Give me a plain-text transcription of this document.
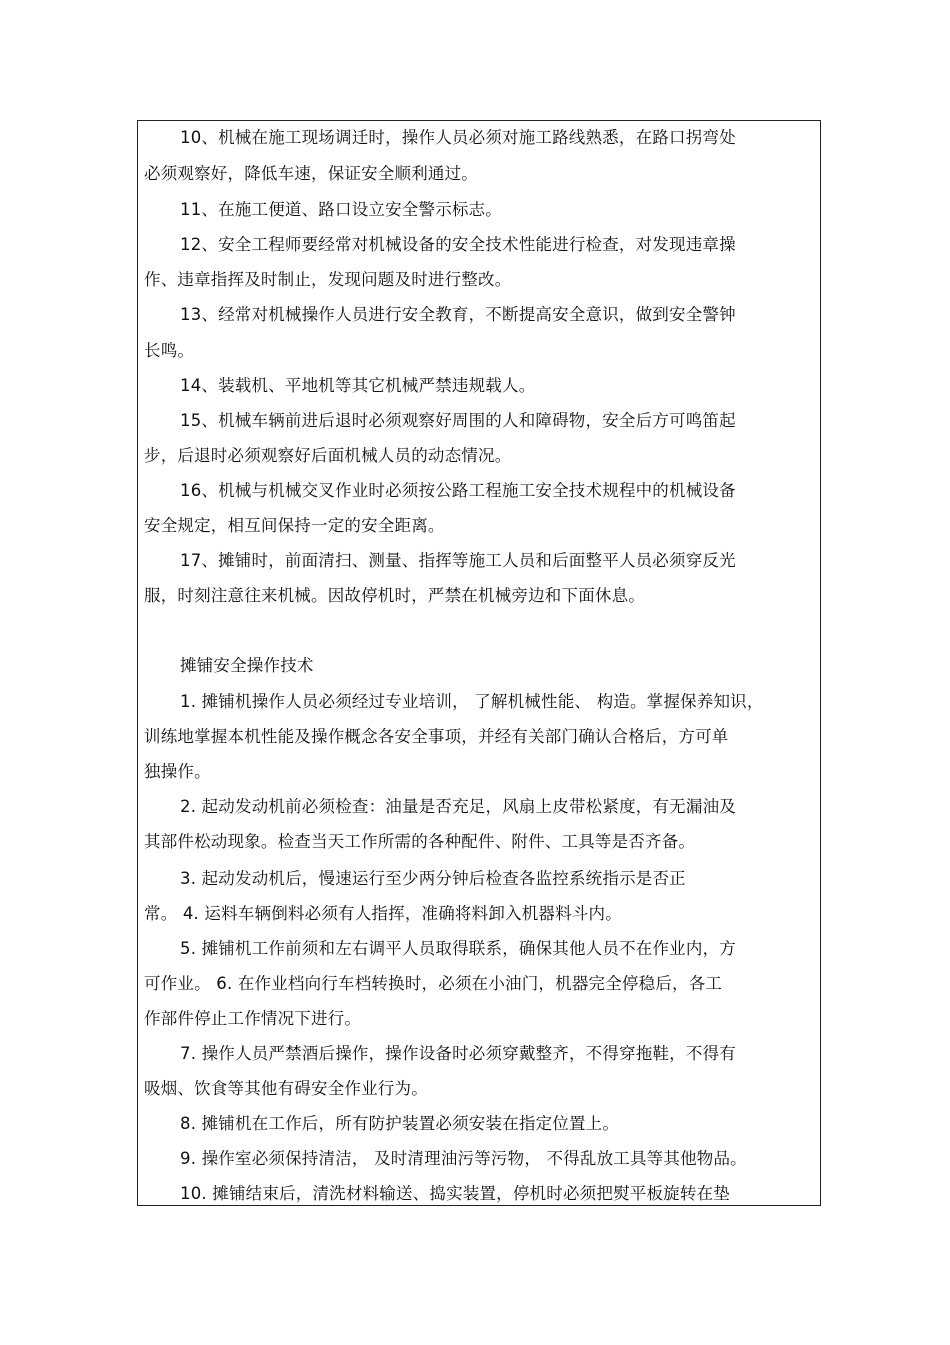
10、机械在施工现场调迁时，操作人员必须对施工路线熟悉，在路口拐弯处
必须观察好，降低车速，保证安全顺利通过。
11、在施工便道、路口设立安全警示标志。
12、安全工程师要经常对机械设备的安全技术性能进行检查，对发现违章操
作、违章指挥及时制止，发现问题及时进行整改。
13、经常对机械操作人员进行安全教育，不断提高安全意识，做到安全警钟
长鸣。
14、装载机、平地机等其它机械严禁违规载人。
15、机械车辆前进后退时必须观察好周围的人和障碍物，安全后方可鸣笛起
步，后退时必须观察好后面机械人员的动态情况。
16、机械与机械交叉作业时必须按公路工程施工安全技术规程中的机械设备
安全规定，相互间保持一定的安全距离。
17、摊铺时，前面清扫、测量、指挥等施工人员和后面整平人员必须穿反光
服，时刻注意往来机械。因故停机时，严禁在机械旁边和下面休息。
摊铺安全操作技术
1. 摊铺机操作人员必须经过专业培训， 了解机械性能、 构造。掌握保养知识，
训练地掌握本机性能及操作概念各安全事项，并经有关部门确认合格后，方可单
独操作。
2. 起动发动机前必须检查：油量是否充足，风扇上皮带松紧度，有无漏油及
其部件松动现象。检查当天工作所需的各种配件、附件、工具等是否齐备。
3. 起动发动机后，慢速运行至少两分钟后检查各监控系统指示是否正
常。 4. 运料车辆倒料必须有人指挥，准确将料卸入机器料斗内。
5. 摊铺机工作前须和左右调平人员取得联系，确保其他人员不在作业内，方
可作业。 6. 在作业档向行车档转换时，必须在小油门，机器完全停稳后，各工
作部件停止工作情况下进行。
7. 操作人员严禁酒后操作，操作设备时必须穿戴整齐，不得穿拖鞋，不得有
吸烟、饮食等其他有碍安全作业行为。
8. 摊铺机在工作后，所有防护装置必须安装在指定位置上。
9. 操作室必须保持清洁， 及时清理油污等污物， 不得乱放工具等其他物品。
10. 摊铺结束后，清洗材料输送、捣实装置，停机时必须把熨平板旋转在垫
